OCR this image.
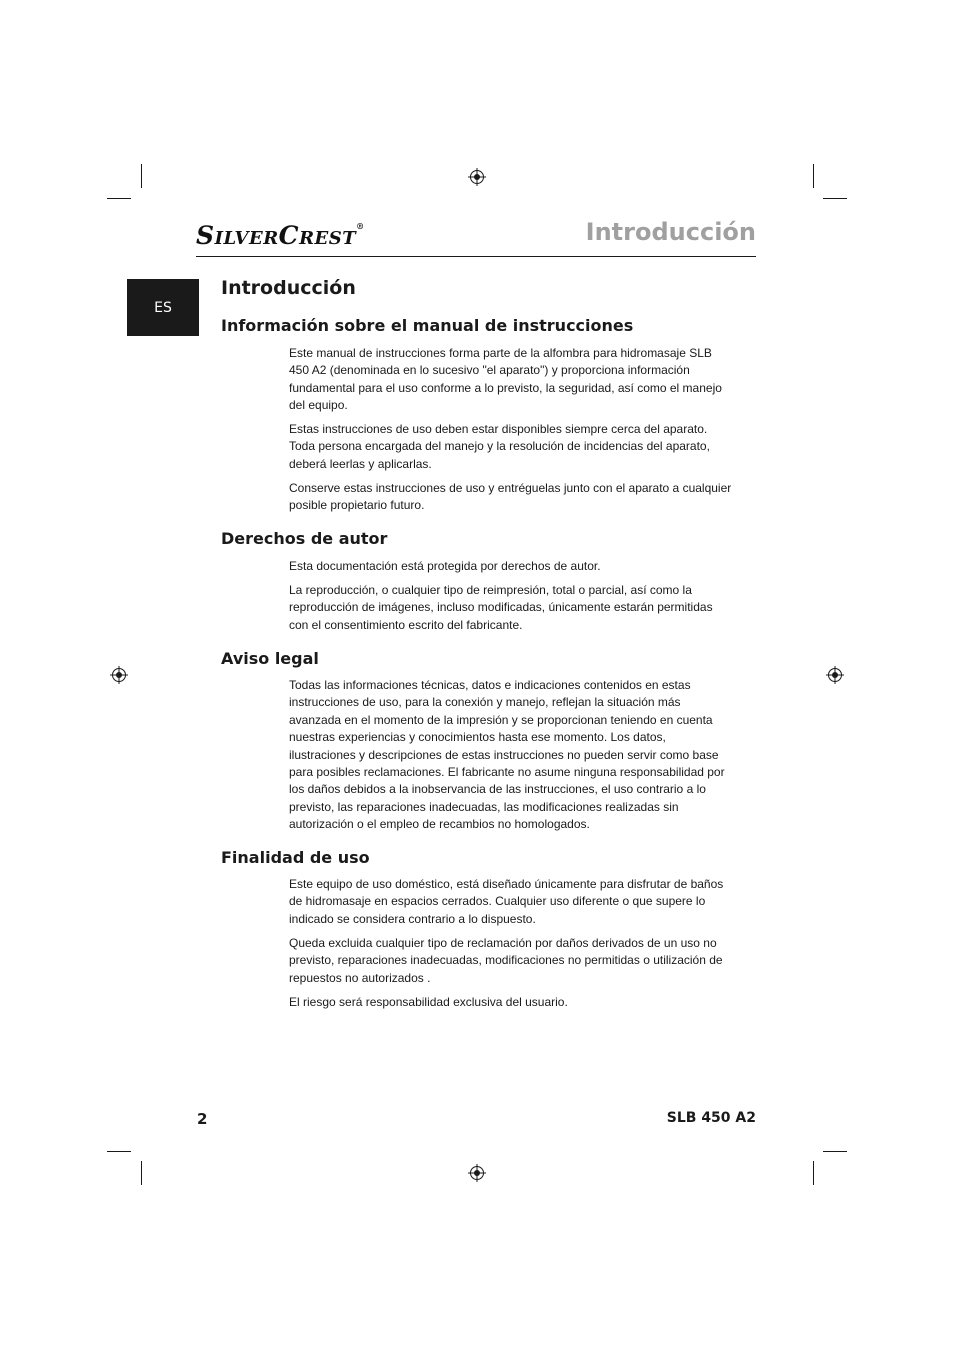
SILVERCREST®	Introducción
ES
Introducción
Información sobre el manual de instrucciones

Este manual de instrucciones forma parte de la alfombra para hidromasaje SLB 450 A2 (denominada en lo sucesivo "el aparato") y proporciona información fundamental para el uso conforme a lo previsto, la seguridad, así como el manejo del equipo.

Estas instrucciones de uso deben estar disponibles siempre cerca del aparato. Toda persona encargada del manejo y la resolución de incidencias del aparato, deberá leerlas y aplicarlas.

Conserve estas instrucciones de uso y entréguelas junto con el aparato a cualquier posible propietario futuro.

Derechos de autor

Esta documentación está protegida por derechos de autor.

La reproducción, o cualquier tipo de reimpresión, total o parcial, así como la reproducción de imágenes, incluso modificadas, únicamente estarán permitidas con el consentimiento escrito del fabricante.

Aviso legal

Todas las informaciones técnicas, datos e indicaciones contenidos en estas instrucciones de uso, para la conexión y manejo, reflejan la situación más avanzada en el momento de la impresión y se proporcionan teniendo en cuenta nuestras experiencias y conocimientos hasta ese momento. Los datos, ilustraciones y descripciones de estas instrucciones no pueden servir como base para posibles reclamaciones. El fabricante no asume ninguna responsabilidad por los daños debidos a la inobservancia de las instrucciones, el uso contrario a lo previsto, las reparaciones inadecuadas, las modificaciones realizadas sin autorización o el empleo de recambios no homologados.

Finalidad de uso

Este equipo de uso doméstico, está diseñado únicamente para disfrutar de baños de hidromasaje en espacios cerrados. Cualquier uso diferente o que supere lo indicado se considera contrario a lo dispuesto.

Queda excluida cualquier tipo de reclamación por daños derivados de un uso no previsto, reparaciones inadecuadas, modificaciones no permitidas o utilización de repuestos no autorizados .

El riesgo será responsabilidad exclusiva del usuario.

2	SLB 450 A2
